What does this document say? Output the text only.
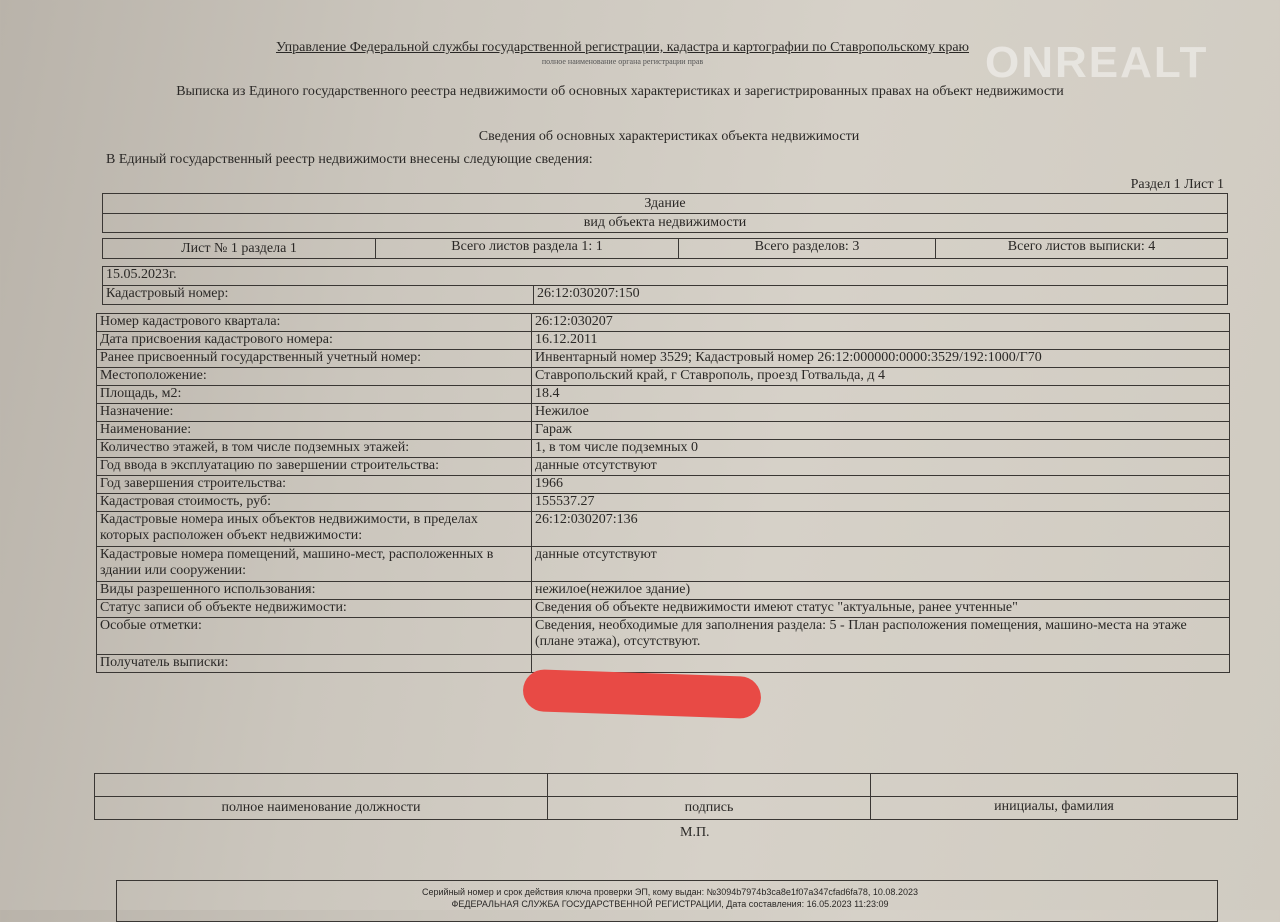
ONREALT
Управление Федеральной службы государственной регистрации, кадастра и картографии по Ставропольскому краю
полное наименование органа регистрации прав
Выписка из Единого государственного реестра недвижимости об основных характеристиках и зарегистрированных правах на объект недвижимости
Сведения об основных характеристиках объекта недвижимости
В Единый государственный реестр недвижимости внесены следующие сведения:
Раздел 1 Лист 1
Здание
вид объекта недвижимости
Лист № 1 раздела 1	Всего листов раздела 1: 1	Всего разделов: 3	Всего листов выписки: 4
15.05.2023г.
Кадастровый номер:	26:12:030207:150
Номер кадастрового квартала:	26:12:030207
Дата присвоения кадастрового номера:	16.12.2011
Ранее присвоенный государственный учетный номер:	Инвентарный номер 3529; Кадастровый номер 26:12:000000:0000:3529/192:1000/Г70
Местоположение:	Ставропольский край, г Ставрополь, проезд Готвальда, д 4
Площадь, м2:	18.4
Назначение:	Нежилое
Наименование:	Гараж
Количество этажей, в том числе подземных этажей:	1, в том числе подземных 0
Год ввода в эксплуатацию по завершении строительства:	данные отсутствуют
Год завершения строительства:	1966
Кадастровая стоимость, руб:	155537.27
Кадастровые номера иных объектов недвижимости, в пределах которых расположен объект недвижимости:	26:12:030207:136
Кадастровые номера помещений, машино-мест, расположенных в здании или сооружении:	данные отсутствуют
Виды разрешенного использования:	нежилое(нежилое здание)
Статус записи об объекте недвижимости:	Сведения об объекте недвижимости имеют статус "актуальные, ранее учтенные"
Особые отметки:	Сведения, необходимые для заполнения раздела: 5 - План расположения помещения, машино-места на этаже (плане этажа), отсутствуют.
Получатель выписки:	

полное наименование должности	подпись	инициалы, фамилия
М.П.
Серийный номер и срок действия ключа проверки ЭП, кому выдан: №3094b7974b3ca8e1f07a347cfad6fa78, 10.08.2023
ФЕДЕРАЛЬНАЯ СЛУЖБА ГОСУДАРСТВЕННОЙ РЕГИСТРАЦИИ, Дата составления: 16.05.2023 11:23:09
